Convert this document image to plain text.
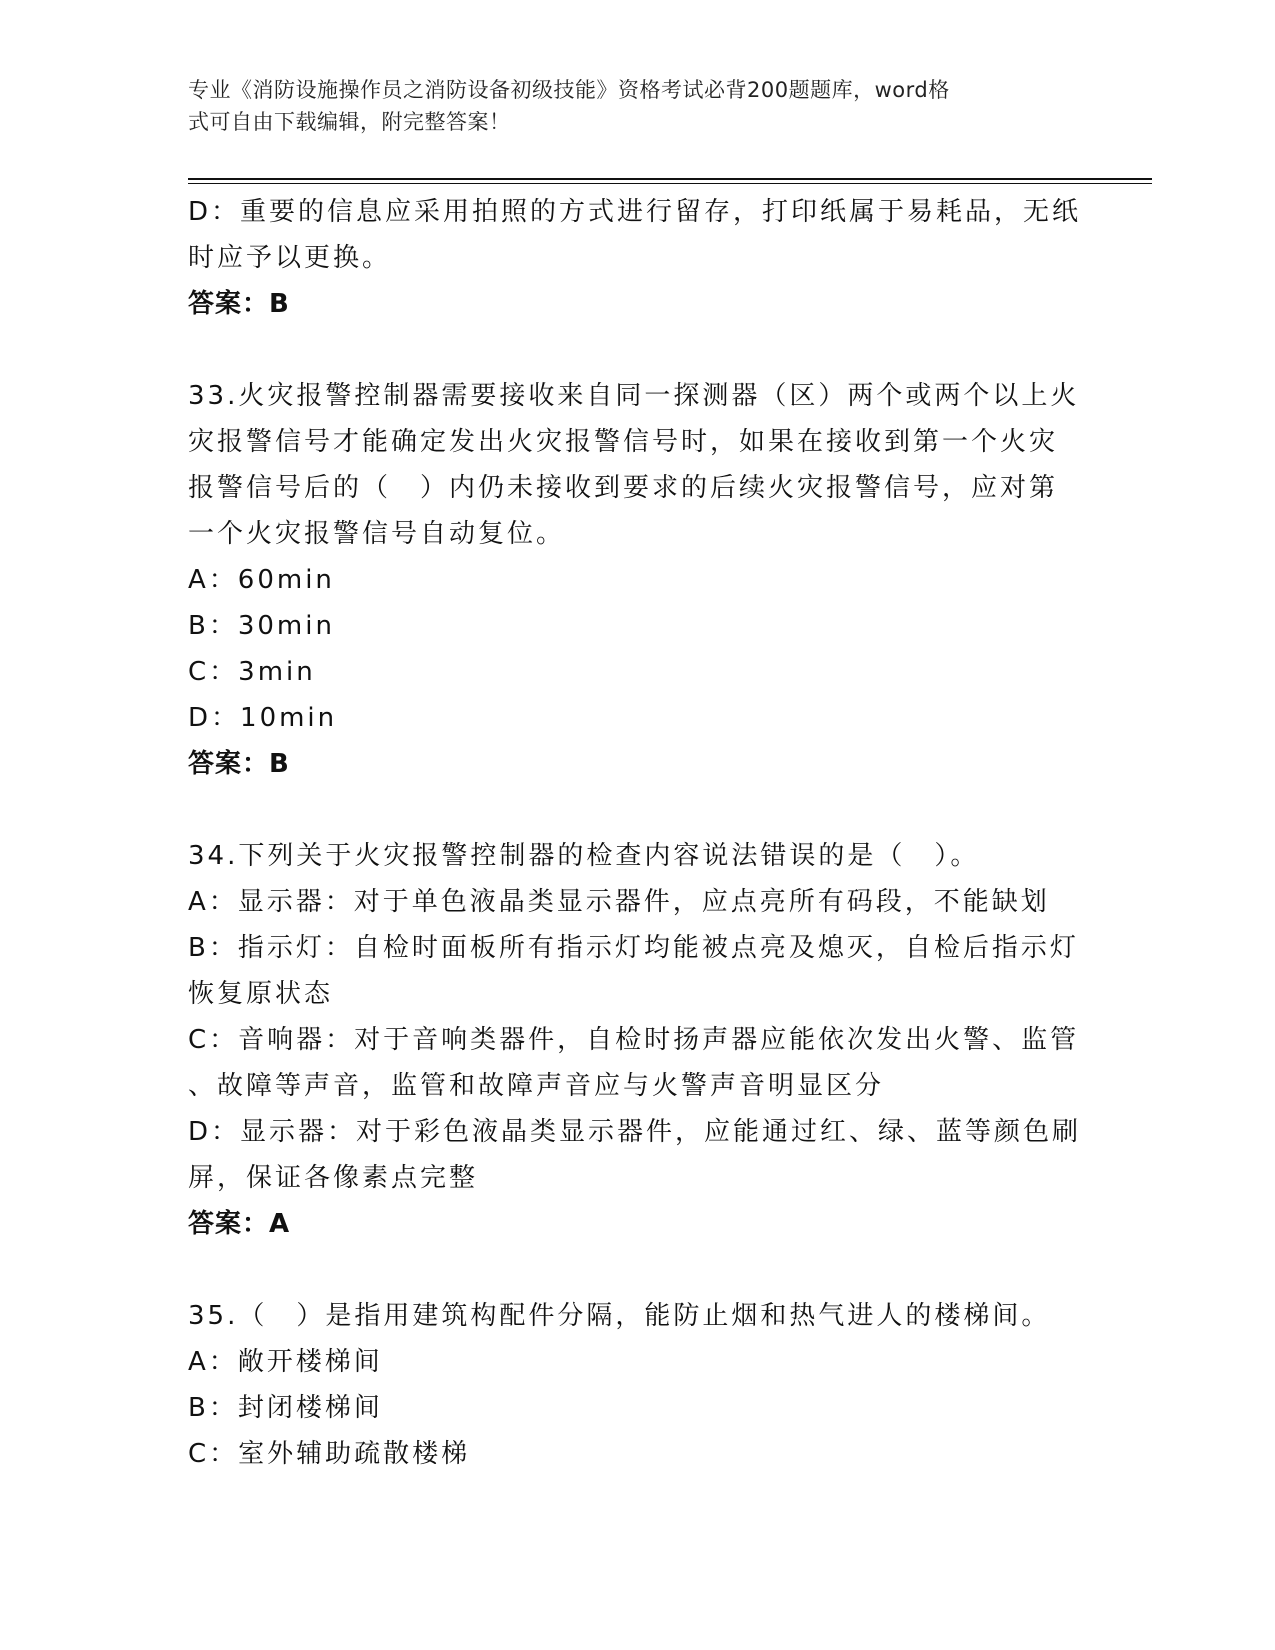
专业《消防设施操作员之消防设备初级技能》资格考试必背200题题库，word格
式可自由下载编辑，附完整答案！
D：重要的信息应采用拍照的方式进行留存，打印纸属于易耗品，无纸
时应予以更换。
答案：B
33.火灾报警控制器需要接收来自同一探测器（区）两个或两个以上火
灾报警信号才能确定发出火灾报警信号时，如果在接收到第一个火灾
报警信号后的（　）内仍未接收到要求的后续火灾报警信号，应对第
一个火灾报警信号自动复位。
A：60min
B：30min
C：3min
D：10min
答案：B
34.下列关于火灾报警控制器的检查内容说法错误的是（　）。
A：显示器：对于单色液晶类显示器件，应点亮所有码段，不能缺划
B：指示灯：自检时面板所有指示灯均能被点亮及熄灭，自检后指示灯
恢复原状态
C：音响器：对于音响类器件，自检时扬声器应能依次发出火警、监管
、故障等声音，监管和故障声音应与火警声音明显区分
D：显示器：对于彩色液晶类显示器件，应能通过红、绿、蓝等颜色刷
屏，保证各像素点完整
答案：A
35.（　）是指用建筑构配件分隔，能防止烟和热气进人的楼梯间。
A：敞开楼梯间
B：封闭楼梯间
C：室外辅助疏散楼梯
